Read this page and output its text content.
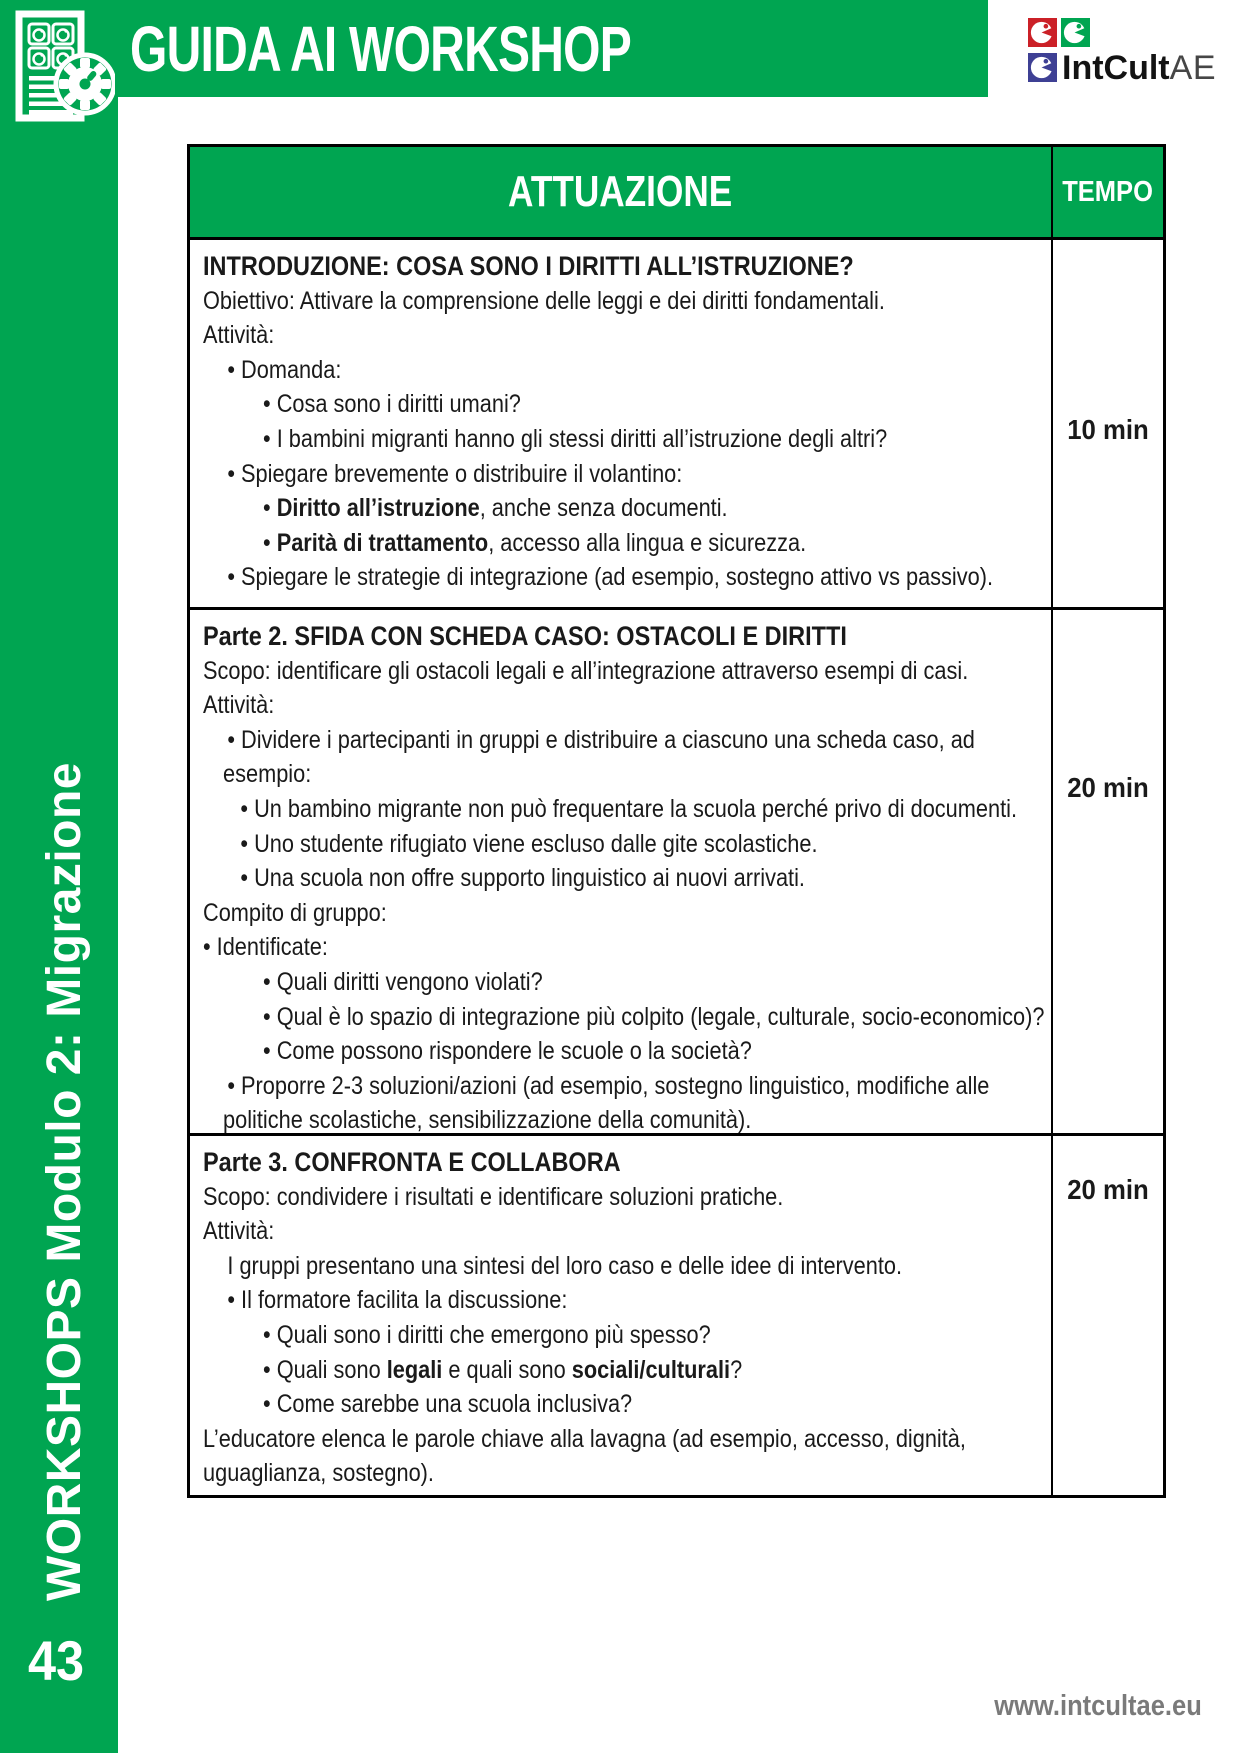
WORKSHOPS Modulo 2: Migrazione
43
GUIDA AI WORKSHOP	IntCultAE
ATTUAZIONE	TEMPO
INTRODUZIONE: COSA SONO I DIRITTI ALL’ISTRUZIONE?
Obiettivo: Attivare la comprensione delle leggi e dei diritti fondamentali.
Attività:
• Domanda:
• Cosa sono i diritti umani?
• I bambini migranti hanno gli stessi diritti all’istruzione degli altri?
• Spiegare brevemente o distribuire il volantino:
• Diritto all’istruzione, anche senza documenti.
• Parità di trattamento, accesso alla lingua e sicurezza.
• Spiegare le strategie di integrazione (ad esempio, sostegno attivo vs passivo).
10 min
Parte 2. SFIDA CON SCHEDA CASO: OSTACOLI E DIRITTI
Scopo: identificare gli ostacoli legali e all’integrazione attraverso esempi di casi.
Attività:
• Dividere i partecipanti in gruppi e distribuire a ciascuno una scheda caso, ad
esempio:
• Un bambino migrante non può frequentare la scuola perché privo di documenti.
• Uno studente rifugiato viene escluso dalle gite scolastiche.
• Una scuola non offre supporto linguistico ai nuovi arrivati.
Compito di gruppo:
• Identificate:
• Quali diritti vengono violati?
• Qual è lo spazio di integrazione più colpito (legale, culturale, socio-economico)?
• Come possono rispondere le scuole o la società?
• Proporre 2-3 soluzioni/azioni (ad esempio, sostegno linguistico, modifiche alle
politiche scolastiche, sensibilizzazione della comunità).
20 min
Parte 3. CONFRONTA E COLLABORA
Scopo: condividere i risultati e identificare soluzioni pratiche.
Attività:
I gruppi presentano una sintesi del loro caso e delle idee di intervento.
• Il formatore facilita la discussione:
• Quali sono i diritti che emergono più spesso?
• Quali sono legali e quali sono sociali/culturali?
• Come sarebbe una scuola inclusiva?
L’educatore elenca le parole chiave alla lavagna (ad esempio, accesso, dignità,
uguaglianza, sostegno).
20 min
www.intcultae.eu
